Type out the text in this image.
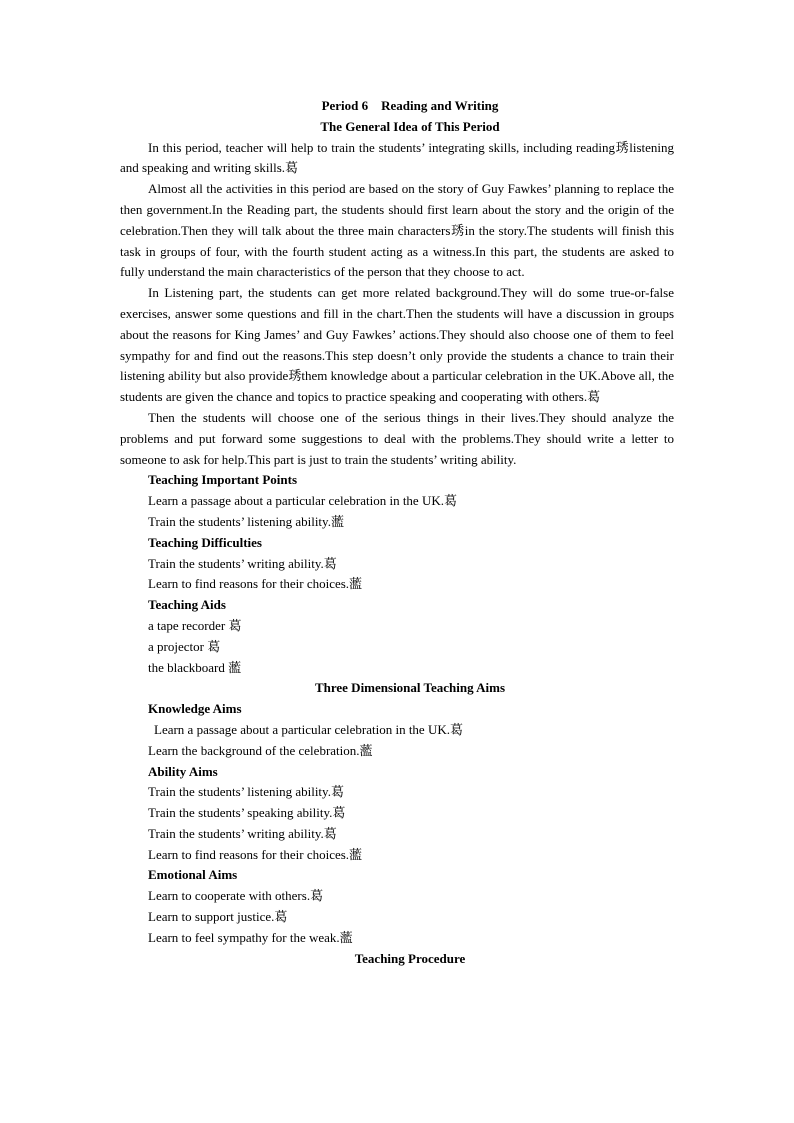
Period 6    Reading and Writing
The General Idea of This Period

In this period, teacher will help to train the students’ integrating skills, including reading琇listening and speaking and writing skills.葛

Almost all the activities in this period are based on the story of Guy Fawkes’ planning to replace the then government.In the Reading part, the students should first learn about the story and the origin of the celebration.Then they will talk about the three main characters琇in the story.The students will finish this task in groups of four, with the fourth student acting as a witness.In this part, the students are asked to fully understand the main characteristics of the person that they choose to act.

In Listening part, the students can get more related background.They will do some true-or-false exercises, answer some questions and fill in the chart.Then the students will have a discussion in groups about the reasons for King James’ and Guy Fawkes’ actions.They should also choose one of them to feel sympathy for and find out the reasons.This step doesn’t only provide the students a chance to train their listening ability but also provide琇them knowledge about a particular celebration in the UK.Above all, the students are given the chance and topics to practice speaking and cooperating with others.葛

Then the students will choose one of the serious things in their lives.They should analyze the problems and put forward some suggestions to deal with the problems.They should write a letter to someone to ask for help.This part is just to train the students’ writing ability.

Teaching Important Points
Learn a passage about a particular celebration in the UK.葛
Train the students’ listening ability.蘫
Teaching Difficulties
Train the students’ writing ability.葛
Learn to find reasons for their choices.蘫
Teaching Aids
a tape recorder 葛
a projector 葛
the blackboard 蘫
Three Dimensional Teaching Aims
Knowledge Aims
Learn a passage about a particular celebration in the UK.葛
Learn the background of the celebration.蘫
Ability Aims
Train the students’ listening ability.葛
Train the students’ speaking ability.葛
Train the students’ writing ability.葛
Learn to find reasons for their choices.蘫
Emotional Aims
Learn to cooperate with others.葛
Learn to support justice.葛
Learn to feel sympathy for the weak.蘫
Teaching Procedure
